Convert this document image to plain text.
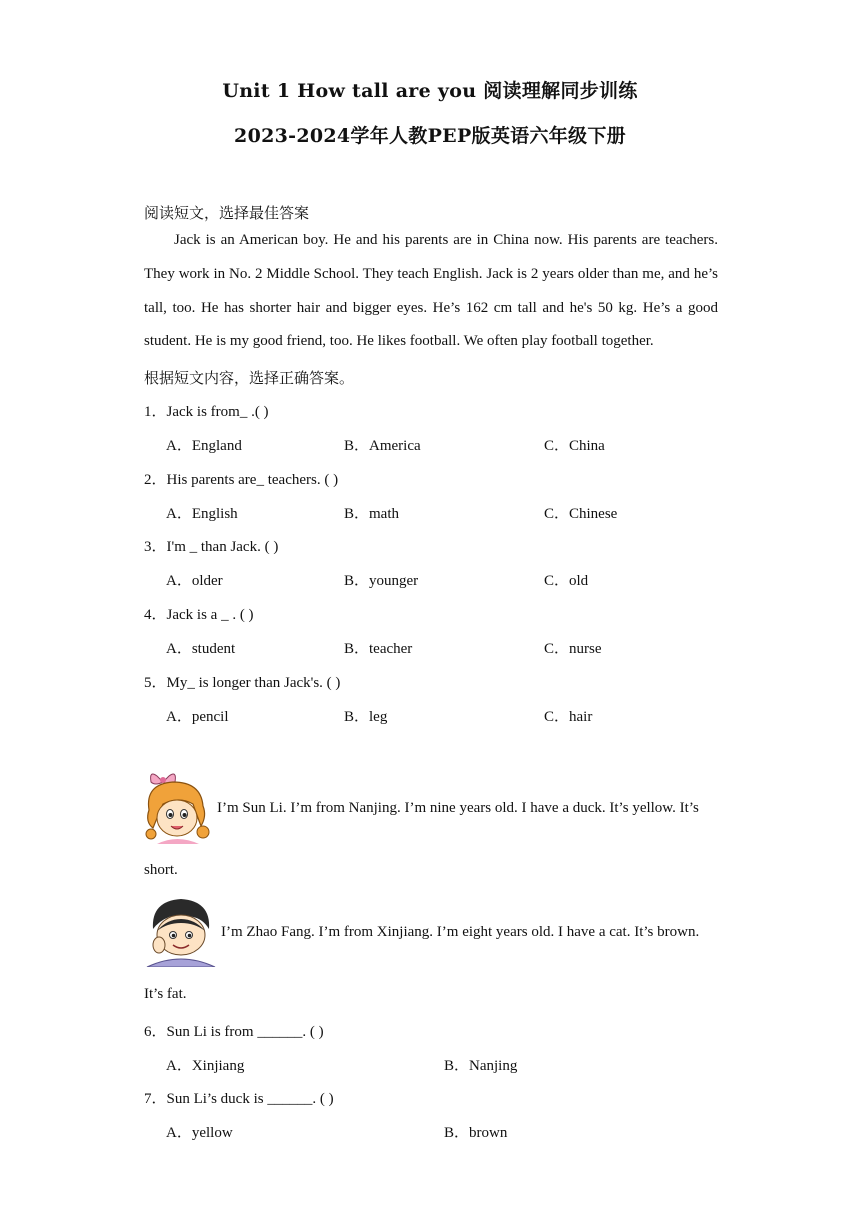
Unit 1 How tall are you 阅读理解同步训练
2023-2024学年人教PEP版英语六年级下册
阅读短文，选择最佳答案
Jack is an American boy. He and his parents are in China now. His parents are teachers. They work in No. 2 Middle School. They teach English. Jack is 2 years older than me, and he’s tall, too. He has shorter hair and bigger eyes. He’s 162 cm tall and he's 50 kg. He’s a good student. He is my good friend, too. He likes football. We often play football together.
根据短文内容，选择正确答案。
1．Jack is from_ .( )
A．England	B．America	C．China
2．His parents are_ teachers. ( )
A．English	B．math	C．Chinese
3．I'm _ than Jack. ( )
A．older	B．younger	C．old
4．Jack is a _ . ( )
A．student	B．teacher	C．nurse
5．My_ is longer than Jack's. ( )
A．pencil	B．leg	C．hair
I’m Sun Li. I’m from Nanjing. I’m nine years old. I have a duck. It’s yellow. It’s
short.
I’m Zhao Fang. I’m from Xinjiang. I’m eight years old. I have a cat. It’s brown.
It’s fat.
6．Sun Li is from ______. ( )
A．Xinjiang	B．Nanjing
7．Sun Li’s duck is ______. ( )
A．yellow	B．brown
